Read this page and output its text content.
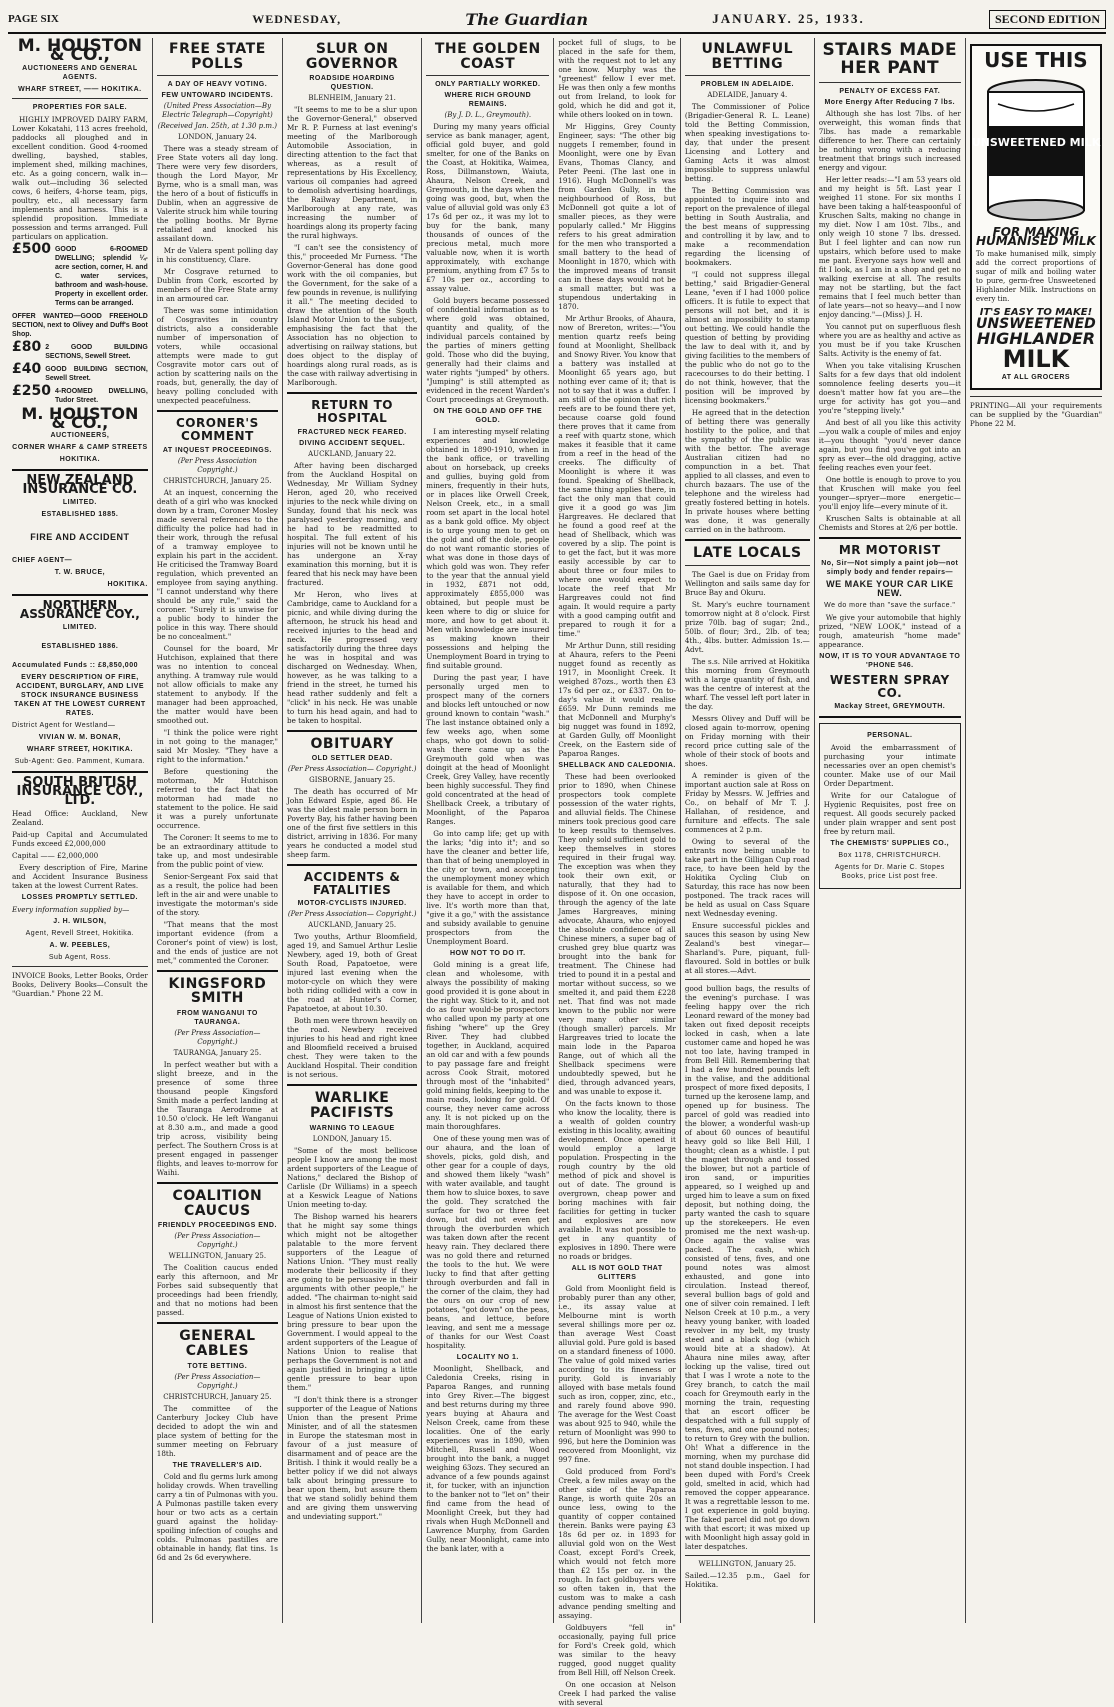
PAGE SIX	WEDNESDAY,	The Guardian	JANUARY. 25, 1933.	SECOND EDITION
M. HOUSTON & CO.,
AUCTIONEERS AND GENERAL AGENTS.
WHARF STREET, —— HOKITIKA.
PROPERTIES FOR SALE.

HIGHLY IMPROVED DAIRY FARM, Lower Kokatahi, 113 acres freehold, paddocks all ploughed and in excellent condition. Good 4-roomed dwelling, bayshed, stables, implement shed, milking machines, etc. As a going concern, walk in—walk out—including 36 selected cows, 6 heifers, 4-horse team, pigs, poultry, etc., all necessary farm implements and harness. This is a splendid proposition. Immediate possession and terms arranged. Full particulars on application.

£500 GOOD 6-ROOMED DWELLING; splendid ¼-acre section, corner, H. and C. water services, bathroom and wash-house. Property in excellent order. Terms can be arranged.
OFFER WANTED—GOOD FREEHOLD SECTION, next to Olivey and Duff's Boot Shop.
£80 2 GOOD BUILDING SECTIONS, Sewell Street.
£40 GOOD BUILDING SECTION, Sewell Street.
£250 4-ROOMED DWELLING, Tudor Street.
M. HOUSTON & CO.,
AUCTIONEERS,
CORNER WHARF & CAMP STREETS
HOKITIKA.
NEW ZEALAND INSURANCE CO.
LIMITED.
ESTABLISHED 1885.
FIRE AND ACCIDENT
CHIEF AGENT—
T. W. BRUCE,
HOKITIKA.
NORTHERN ASSURANCE COY.,
LIMITED.
ESTABLISHED 1886.
Accumulated Funds :: £8,850,000
EVERY DESCRIPTION OF FIRE, ACCIDENT, BURGLARY, AND LIVE STOCK INSURANCE BUSINESS TAKEN AT THE LOWEST CURRENT RATES.
District Agent for Westland—
VIVIAN W. M. BONAR,
WHARF STREET, HOKITIKA.
Sub-Agent: Geo. Pamment, Kumara.
SOUTH BRITISH INSURANCE COY., LTD.

Head Office: Auckland, New Zealand.

Paid-up Capital and Accumulated Funds exceed £2,000,000

Capital —— £2,000,000

Every description of Fire, Marine and Accident Insurance Business taken at the lowest Current Rates.

LOSSES PROMPTLY SETTLED.

Every information supplied by—

J. H. WILSON,
Agent, Revell Street, Hokitika.
A. W. PEEBLES,
Sub Agent, Ross.

INVOICE Books, Letter Books, Order Books, Delivery Books—Consult the "Guardian." Phone 22 M.

FREE STATE POLLS
A DAY OF HEAVY VOTING.
FEW UNTOWARD INCIDENTS.
(United Press Association—By Electric Telegraph—Copyright)
(Received Jan. 25th, at 1.30 p.m.)
LONDON, January 24.

There was a steady stream of Free State voters all day long. There were very few disorders, though the Lord Mayor, Mr Byrne, who is a small man, was the hero of a bout of fisticuffs in Dublin, when an aggressive de Valerite struck him while touring the polling booths. Mr Byrne retaliated and knocked his assailant down.

Mr de Valera spent polling day in his constituency, Clare.

Mr Cosgrave returned to Dublin from Cork, escorted by members of the Free State army in an armoured car.

There was some intimidation of Cosgravites in country districts, also a considerable number of impersonation of voters, while occasional attempts were made to gut Cosgravite motor cars out of action by scattering nails on the roads, but, generally, the day of heavy polling concluded with unexpected peacefulness.

CORONER'S COMMENT
AT INQUEST PROCEEDINGS.
(Per Press Association Copyright.)
CHRISTCHURCH, January 25.

At an inquest, concerning the death of a girl who was knocked down by a tram, Coroner Mosley made several references to the difficulty the police had had in their work, through the refusal of a tramway employee to explain his part in the accident. He criticised the Tramway Board regulation, which prevented an employee from saying anything. "I cannot understand why there should be any rule," said the coroner. "Surely it is unwise for a public body to hinder the police in this way. There should be no concealment."

Counsel for the board, Mr Hutchison, explained that there was no intention to conceal anything. A tramway rule would not allow officials to make any statement to anybody. If the manager had been approached, the matter would have been smoothed out.

"I think the police were right in not going to the manager," said Mr Mosley. "They have a right to the information."

Before questioning the motorman, Mr Hutchison referred to the fact that the motorman had made no statement to the police. He said it was a purely unfortunate occurrence.

The Coroner: It seems to me to be an extraordinary attitude to take up, and most undesirable from the public point of view.

Senior-Sergeant Fox said that as a result, the police had been left in the air and were unable to investigate the motorman's side of the story.

"That means that the most important evidence (from a Coroner's point of view) is lost, and the ends of justice are not met," commented the Coroner.

KINGSFORD SMITH
FROM WANGANUI TO TAURANGA.
(Per Press Association— Copyright.)
TAURANGA, January 25.

In perfect weather but with a slight breeze, and in the presence of some three thousand people Kingsford Smith made a perfect landing at the Tauranga Aerodrome at 10.50 o'clock. He left Wanganui at 8.30 a.m., and made a good trip across, visibility being perfect. The Southern Cross is at present engaged in passenger flights, and leaves to-morrow for Waihi.

COALITION CAUCUS
FRIENDLY PROCEEDINGS END.
(Per Press Association— Copyright.)
WELLINGTON, January 25.

The Coalition caucus ended early this afternoon, and Mr Forbes said subsequently that proceedings had been friendly, and that no motions had been passed.

GENERAL CABLES
TOTE BETTING.
(Per Press Association— Copyright.)
CHRISTCHURCH, January 25.

The committee of the Canterbury Jockey Club have decided to adopt the win and place system of betting for the summer meeting on February 18th.

THE TRAVELLER'S AID.

Cold and flu germs lurk among holiday crowds. When travelling carry a tin of Pulmonas with you. A Pulmonas pastille taken every hour or two acts as a certain guard against the holiday-spoiling infection of coughs and colds. Pulmonas pastilles are obtainable in handy, flat tins. 1s 6d and 2s 6d everywhere.

SLUR ON GOVERNOR
ROADSIDE HOARDING QUESTION.
BLENHEIM, January 21.

"It seems to me to be a slur upon the Governor-General," observed Mr R. P. Furness at last evening's meeting of the Marlborough Automobile Association, in directing attention to the fact that whereas, as a result of representations by His Excellency, various oil companies had agreed to demolish advertising hoardings, the Railway Department, in Marlborough at any rate, was increasing the number of hoardings along its property facing the rural highways.

"I can't see the consistency of this," proceeded Mr Furness. "The Governor-General has done good work with the oil companies, but the Government, for the sake of a few pounds in revenue, is nullifying it all." The meeting decided to draw the attention of the South Island Motor Union to the subject, emphasising the fact that the Association has no objection to advertising on railway stations, but does object to the display of hoardings along rural roads, as is the case with railway advertising in Marlborough.

RETURN TO HOSPITAL
FRACTURED NECK FEARED.
DIVING ACCIDENT SEQUEL.
AUCKLAND, January 22.

After having been discharged from the Auckland Hospital on Wednesday, Mr William Sydney Heron, aged 20, who received injuries to the neck while diving on Sunday, found that his neck was paralysed yesterday morning, and he had to be readmitted to hospital. The full extent of his injuries will not be known until he has undergone an X-ray examination this morning, but it is feared that his neck may have been fractured.

Mr Heron, who lives at Cambridge, came to Auckland for a picnic, and while diving during the afternoon, he struck his head and received injuries to the head and neck. He progressed very satisfactorily during the three days he was in hospital and was discharged on Wednesday. When, however, as he was talking to a friend in the street, he turned his head rather suddenly and felt a "click" in his neck. He was unable to turn his head again, and had to be taken to hospital.

OBITUARY
OLD SETTLER DEAD.
(Per Press Association— Copyright.)
GISBORNE, January 25.

The death has occurred of Mr John Edward Espie, aged 86. He was the oldest male person born in Poverty Bay, his father having been one of the first five settlers in this district, arriving in 1836. For many years he conducted a model stud sheep farm.

ACCIDENTS & FATALITIES
MOTOR-CYCLISTS INJURED.
(Per Press Association— Copyright.)
AUCKLAND, January 25.

Two youths, Arthur Bloomfield, aged 19, and Samuel Arthur Leslie Newbery, aged 19, both of Great South Road, Papatoetoe, were injured last evening when the motor-cycle on which they were both riding collided with a cow in the road at Hunter's Corner, Papatoetoe, at about 10.30.

Both men were thrown heavily on the road. Newbery received injuries to his head and right knee and Bloomfield received a bruised chest. They were taken to the Auckland Hospital. Their condition is not serious.

WARLIKE PACIFISTS
WARNING TO LEAGUE
LONDON, January 15.

"Some of the most bellicose people I know are among the most ardent supporters of the League of Nations," declared the Bishop of Carlisle (Dr Williams) in a speech at a Keswick League of Nations Union meeting to-day.

The Bishop warned his hearers that he might say some things which might not be altogether palatable to the more fervent supporters of the League of Nations Union. "They must really moderate their bellicosity if they are going to be persuasive in their arguments with other people," he added. "The chairman to-night said in almost his first sentence that the League of Nations Union existed to bring pressure to bear upon the Government. I would appeal to the ardent supporters of the League of Nations Union to realise that perhaps the Government is not and again justified in bringing a little gentle pressure to bear upon them."

"I don't think there is a stronger supporter of the League of Nations Union than the present Prime Minister, and of all the statesmen in Europe the statesman most in favour of a just measure of disarmament and of peace are the British. I think it would really be a better policy if we did not always talk about bringing pressure to bear upon them, but assure them that we stand solidly behind them and are giving them unswerving and undeviating support."

THE GOLDEN COAST
ONLY PARTIALLY WORKED.
WHERE RICH GROUND REMAINS.
(By J. D. L., Greymouth).

During my many years official service as bank manager, agent, official gold buyer, and gold smelter, for one of the Banks on the Coast, at Hokitika, Waimea, Ross, Dillmanstown, Waiuta, Ahaura, Nelson Creek, and Greymouth, in the days when the going was good, but, when the value of alluvial gold was only £3 17s 6d per oz., it was my lot to buy for the bank, many thousands of ounces of the precious metal, much more valuable now, when it is worth approximately, with exchange premium, anything from £7 5s to £7 10s per oz., according to assay value.

Gold buyers became possessed of confidential information as to where gold was obtained, quantity and quality, of the individual parcels contained by the parties of miners getting gold. Those who did the buying, generally had their claims and water rights "jumped" by others. "Jumping" is still attempted as evidenced in the recent Warden's Court proceedings at Greymouth.

ON THE GOLD AND OFF THE GOLD.

I am interesting myself relating experiences and knowledge obtained in 1890-1910, when in the bank office, or travelling about on horseback, up creeks and gullies, buying gold from miners, frequently in their huts, or in places like Orwell Creek, Nelson Creek, etc., in a small room set apart in the local hotel as a bank gold office. My object is to urge young men to get on the gold and off the dole, people do not want romantic stories of what was done in those days of which gold was won. They refer to the year that the annual yield in 1932, £871 not odd, approximately £855,000 was obtained, but people must be keen where to dig or sluice for more, and how to get about it. Men with knowledge are insured as making known their possessions and helping the Unemployment Board in trying to find suitable ground.

During the past year, I have personally urged men to prospect many of the corners and blocks left untouched or now ground known to contain "wash." The last instance obtained only a few weeks ago, when some chaps, who got down to solid-wash there came up as the Greymouth gold when was doingit at the head of Moonlight Creek, Grey Valley, have recently been highly successful. They find gold concentrated at the head of Shellback Creek, a tributary of Moonlight, of the Paparoa Ranges.

Go into camp life; get up with the larks; "dig into it"; and so have the cleaner and better life, than that of being unemployed in the city or town, and accepting the unemployment money which is available for them, and which they have to accept in order to live. It's worth more than that, "give it a go," with the assistance and subsidy available to genuine prospectors from the Unemployment Board.

HOW NOT TO DO IT.

Gold mining is a great life, clean and wholesome, with always the possibility of making good provided it is gone about in the right way. Stick to it, and not do as four would-be prospectors who called upon my party at one fishing "where" up the Grey River. They had clubbed together, in Auckland, acquired an old car and with a few pounds to pay passage fare and freight across Cook Strait, motored through most of the "inhabited" gold mining fields, keeping to the main roads, looking for gold. Of course, they never came across any. It is not picked up on the main thoroughfares.

One of these young men was of our ahaura, and the loan of shovels, picks, gold dish, and other gear for a couple of days, and showed them likely "wash" with water available, and taught them how to sluice boxes, to save the gold. They scratched the surface for two or three feet down, but did not even get through the overburden which was taken down after the recent heavy rain. They declared there was no gold there and returned the tools to the hut. We were lucky to find that after getting through overburden and fall in the corner of the claim, they had the ours on our crop of new potatoes, "got down" on the peas, beans, and lettuce, before leaving, and sent me a message of thanks for our West Coast hospitality.

LOCALITY NO 1.

Moonlight, Shellback, and Caledonia Creeks, rising in Paparoa Ranges, and running into Grey River.—The biggest and best returns during my three years buying at Ahaura and Nelson Creek, came from these localities. One of the early experiences was in 1890, when Mitchell, Russell and Wood brought into the bank, a nugget weighing 63ozs. They secured an advance of a few pounds against it, for tucker, with an injunction to the banker not to "let on" their find came from the head of Moonlight Creek, but they had rivals when Hugh McDonnell and Lawrence Murphy, from Garden Gully, near Moonlight, came into the bank later, with a

pocket full of slugs, to be placed in the safe for them, with the request not to let any one know. Murphy was the "greenest" fellow I ever met. He was then only a few months out from Ireland, to look for gold, which he did and got it, while others looked on in town.

Mr Higgins, Grey County Engineer, says: "The other big nuggets I remember, found in Moonlight, were one by Evan Evans, Thomas Clancy, and Peter Peeni. (The last one in 1916). Hugh McDonnell's was from Garden Gully, in the neighbourhood of Ross, but McDonnell got quite a lot of smaller pieces, as they were popularly called." Mr Higgins refers to his great admiration for the men who transported a small battery to the head of Moonlight in 1870, which with the improved means of transit can in these days would not be a small matter, but was a stupendous undertaking in 1870.

Mr Arthur Brooks, of Ahaura, now of Brereton, writes:—"You mention quartz reefs being found at Moonlight, Shellback and Snowy River. You know that a battery was installed at Moonlight 65 years ago, but nothing ever came of it; that is not to say that it was a duffer. I am still of the opinion that rich reefs are to be found there yet, because coarse gold found there proves that it came from a reef with quartz stone, which makes it feasible that it came from a reef in the head of the creeks. The difficulty of Moonlight is where it was found. Speaking of Shellback, the same thing applies there, in fact the only man that could give it a good go was Jim Hargreaves. He declared that he found a good reef at the head of Shellback, which was covered by a slip. The point is to get the fact, but it was more easily accessible by car to about three or four miles to where one would expect to locate the reef that Mr Hargreaves could not find again. It would require a party with a good camping outfit and prepared to rough it for a time."

Mr Arthur Dunn, still residing at Ahaura, refers to the Peeni nugget found as recently as 1917, in Moonlight Creek. It weighed 87ozs., worth then £3 17s 6d per oz., or £337. On to-day's value it would realise £659. Mr Dunn reminds me that McDonnell and Murphy's big nugget was found in 1892, at Garden Gully, off Moonlight Creek, on the Eastern side of Paparoa Ranges.

SHELLBACK AND CALEDONIA.

These had been overlooked prior to 1890, when Chinese prospectors took complete possession of the water rights, and alluvial fields. The Chinese miners took precious good care to keep results to themselves. They only sold sufficient gold to keep themselves in stores required in their frugal way. The exception was when they took their own exit, or naturally, that they had to dispose of it. On one occasion, through the agency of the late James Hargreaves, mining advocate, Ahaura, who enjoyed the absolute confidence of all Chinese miners, a super bag of crushed grey blue quartz was brought into the bank for treatment. The Chinese had tried to pound it in a pestal and mortar without success, so we smelted it, and paid them £228 net. That find was not made known to the public nor were very many other similar (though smaller) parcels. Mr Hargreaves tried to locate the main lode in the Paparoa Range, out of which all the Shellback specimens were undoubtedly spewed, but he died, through advanced years, and was unable to expose it.

On the facts known to those who know the locality, there is a wealth of golden country existing in this locality, awaiting development. Once opened it would employ a large population. Prospecting in the rough country by the old method of pick and shovel is out of date. The ground is overgrown, cheap power and boring machines with fair facilities for getting in tucker and explosives are now available. It was not possible to get in any quantity of explosives in 1890. There were no roads or bridges.

ALL IS NOT GOLD THAT GLITTERS

Gold from Moonlight field is probably purer than any other, i.e., its assay value at Melbourne mint is worth several shillings more per oz. than average West Coast alluvial gold. Pure gold is based on a standard fineness of 1000. The value of gold mixed varies according to its fineness or purity. Gold is invariably alloyed with base metals found such as iron, copper, zinc, etc., and rarely found above 990. The average for the West Coast was about 925 to 940, while the return of Moonlight was 990 to 996, but here the Dominion was recovered from Moonlight, viz 997 fine.

Gold produced from Ford's Creek, a few miles away on the other side of the Paparoa Range, is worth quite 20s an ounce less, owing to the quantity of copper contained therein. Banks were paying £3 18s 6d per oz. in 1893 for alluvial gold won on the West Coast, except Ford's Creek, which would not fetch more than £2 15s per oz. in the rough. In fact goldbuyers were so often taken in, that the custom was to make a cash advance pending smelting and assaying.

Goldbuyers "fell in" occasionally, paying full price for Ford's Creek gold, which was similar to the heavy rugged, good nugget quality from Bell Hill, off Nelson Creek.

On one occasion at Nelson Creek I had parked the valise with several

UNLAWFUL BETTING
PROBLEM IN ADELAIDE.
ADELAIDE, January 4.

The Commissioner of Police (Brigadier-General R. L. Leane) told the Betting Commission, when speaking investigations to-day, that under the present Licensing and Lottery and Gaming Acts it was almost impossible to suppress unlawful betting.

The Betting Commission was appointed to inquire into and report on the prevalence of illegal betting in South Australia, and the best means of suppressing and controlling it by law, and to make a recommendation regarding the licensing of bookmakers.

"I could not suppress illegal betting," said Brigadier-General Leane, "even if I had 1000 police officers. It is futile to expect that persons will not bet, and it is almost an impossibility to stamp out betting. We could handle the question of betting by providing the law to deal with it, and by giving facilities to the members of the public who do not go to the racecourses to do their betting. I do not think, however, that the position will be improved by licensing bookmakers."

He agreed that in the detection of betting there was generally hostility to the police, and that the sympathy of the public was with the bettor. The average Australian citizen had no compunction in a bet. That applied to all classes, and even to church bazaars. The use of the telephone and the wireless had greatly fostered betting in hotels. In private houses where betting was done, it was generally carried on in the bathroom.

LATE LOCALS

The Gael is due on Friday from Wellington and sails same day for Bruce Bay and Okuru.

St. Mary's euchre tournament tomorrow night at 8 o'clock. First prize 70lb. bag of sugar; 2nd., 50lb. of flour; 3rd., 2lb. of tea; 4th., 4lbs. butter. Admission 1s.—Advt.

The s.s. Nile arrived at Hokitika this morning from Greymouth with a large quantity of fish, and was the centre of interest at the wharf. The vessel left port later in the day.

Messrs Olivey and Duff will be closed again to-morrow, opening on Friday morning with their record price cutting sale of the whole of their stock of boots and shoes.

A reminder is given of the important auction sale at Ross on Friday by Messrs. W. Jeffries and Co., on behalf of Mr T. J. Hallahan, of residence, and furniture and effects. The sale commences at 2 p.m.

Owing to several of the entrants now being unable to take part in the Gilligan Cup road race, to have been held by the Hokitika Cycling Club on Saturday, this race has now been postponed. The track races will be held as usual on Cass Square next Wednesday evening.

Ensure successful pickles and sauces this season by using New Zealand's best vinegar—Sharland's. Pure, piquant, full-flavoured. Sold in bottles or bulk at all stores.—Advt.

good bullion bags, the results of the evening's purchase. I was feeling happy over the rich Leonard reward of the money bad taken out fixed deposit receipts locked in cash, when a late customer came and hoped he was not too late, having tramped in from Bell Hill. Remembering that I had a few hundred pounds left in the valise, and the additional prospect of more fixed deposits, I turned up the kerosene lamp, and opened up for business. The parcel of gold was readied into the blower, a wonderful wash-up of about 60 ounces of beautiful heavy gold so like Bell Hill, I thought; clean as a whistle. I put the magnet through and tossed the blower, but not a particle of iron sand, or impurities appeared, so I weighed up and urged him to leave a sum on fixed deposit, but nothing doing, the party wanted the cash to square up the storekeepers. He even promised me the next wash-up. Once again the valise was packed. The cash, which consisted of tens, fives, and one pound notes was almost exhausted, and gone into circulation. Instead thereof, several bullion bags of gold and one of silver coin remained. I left Nelson Creek at 10 p.m., a very heavy young banker, with loaded revolver in my belt, my trusty steed and a black dog (which would bite at a shadow). At Ahaura nine miles away, after locking up the valise, tired out that I was I wrote a note to the Grey branch, to catch the mail coach for Greymouth early in the morning the train, requesting that an escort officer be despatched with a full supply of tens, fives, and one pound notes; to return to Grey with the bullion. Oh! What a difference in the morning, when my purchase did not stand double inspection. I had been duped with Ford's Creek gold, smelted in acid, which had removed the copper appearance. It was a regrettable lesson to me. I got experience in gold buying. The faked parcel did not go down with that escort; it was mixed up with Moonlight high assay gold in later despatches.

WELLINGTON, January 25.

Sailed.—12.35 p.m., Gael for Hokitika.

STAIRS MADE HER PANT
PENALTY OF EXCESS FAT.
More Energy After Reducing 7 lbs.

Although she has lost 7lbs. of her overweight, this woman finds that 7lbs. has made a remarkable difference to her. There can certainly be nothing wrong with a reducing treatment that brings such increased energy and vigour.

Her letter reads:—"I am 53 years old and my height is 5ft. Last year I weighed 11 stone. For six months I have been taking a half-teaspoonful of Kruschen Salts, making no change in my diet. Now I am 10st. 7lbs., and only weigh 10 stone 7 lbs. dressed. But I feel lighter and can now run upstairs, which before used to make me pant. Everyone says how well and fit I look, as I am in a shop and get no walking exercise at all. The results may not be startling, but the fact remains that I feel much better than of late years—not so heavy—and I now enjoy dancing."—(Miss) J. H.

You cannot put on superfluous flesh where you are as healthy and active as you must be if you take Kruschen Salts. Activity is the enemy of fat.

When you take vitalising Kruschen Salts for a few days that old indolent somnolence feeling deserts you—it doesn't matter how fat you are—the urge for activity has got you—and you're "stepping lively."

And best of all you like this activity—you walk a couple of miles and enjoy it—you thought "you'd never dance again, but you find you've got into an spry as ever—the old dragging, active feeling reaches even your feet.

One bottle is enough to prove to you that Kruschen will make you feel younger—spryer—more energetic—you'll enjoy life—every minute of it.

Kruschen Salts is obtainable at all Chemists and Stores at 2/6 per bottle.

MR MOTORIST
No, Sir—Not simply a paint job—not simply body and fender repairs—
WE MAKE YOUR CAR LIKE NEW.
We do more than "save the surface."

We give your automobile that highly prized, "NEW LOOK," instead of a rough, amateurish "home made" appearance.

NOW, IT IS TO YOUR ADVANTAGE TO 'PHONE 546.
WESTERN SPRAY CO.
Mackay Street, GREYMOUTH.
PERSONAL.

Avoid the embarrassment of purchasing your intimate necessaries over an open chemist's counter. Make use of our Mail Order Department.

Write for our Catalogue of Hygienic Requisites, post free on request. All goods securely packed under plain wrapper and sent post free by return mail.

The CHEMISTS' SUPPLIES CO.,
Box 1178, CHRISTCHURCH.
Agents for Dr. Marie C. Stopes Books, price List post free.
USE THIS
UNSWEETENED MILK
FOR MAKING HUMANISED MILK
To make humanised milk, simply add the correct proportions of sugar of milk and boiling water to pure, germ-free Unsweetened Highlander Milk. Instructions on every tin.
IT'S EASY TO MAKE!
UNSWEETENED
HIGHLANDER
MILK
AT ALL GROCERS

PRINTING—All your requirements can be supplied by the "Guardian" Phone 22 M.
